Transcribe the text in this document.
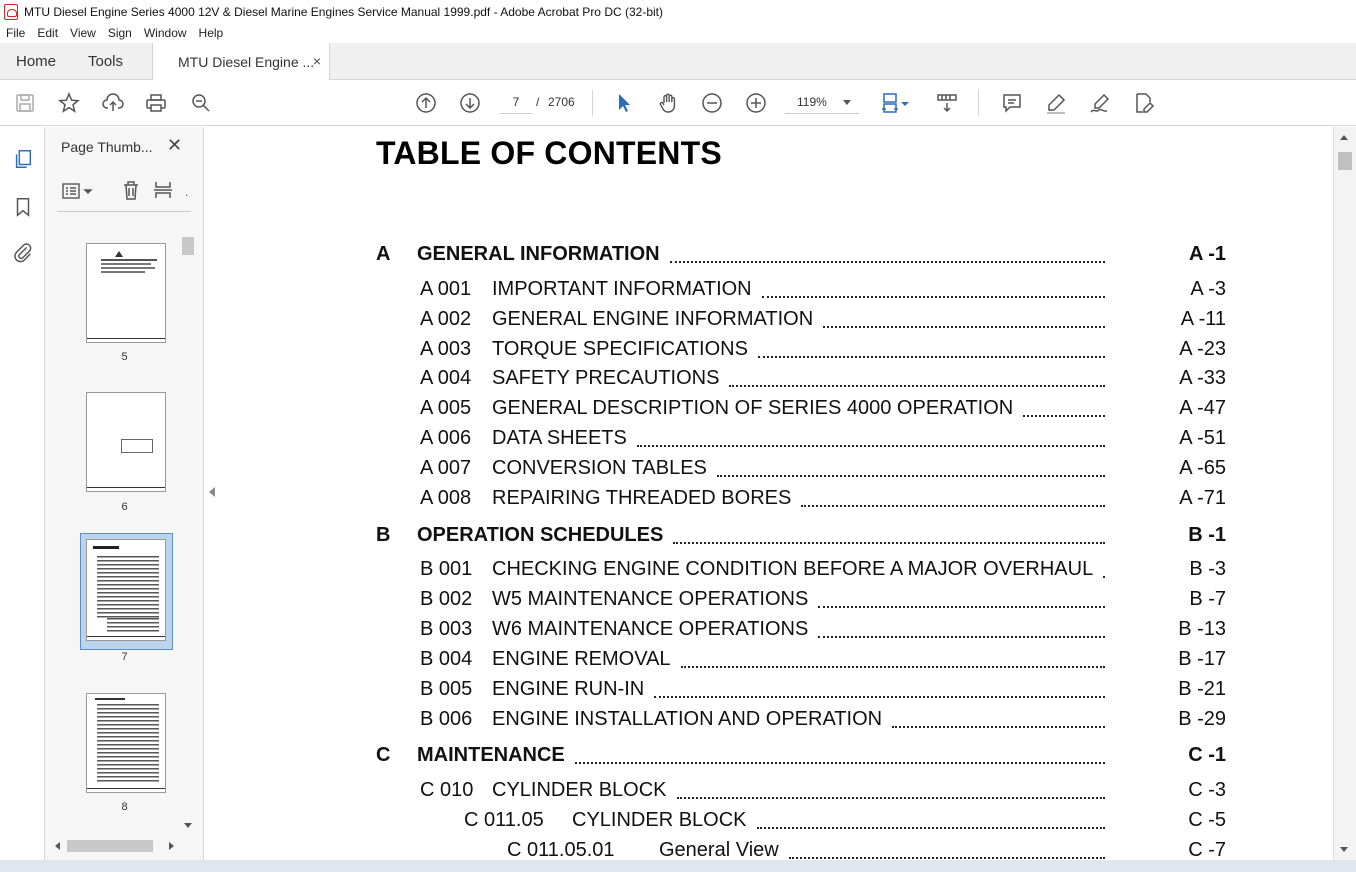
MTU Diesel Engine Series 4000 12V & Diesel Marine Engines Service Manual 1999.pdf - Adobe Acrobat Pro DC (32-bit)
File	Edit	View	Sign	Window	Help
Home Tools	MTU Diesel Engine ...
×
7	/ 2706	119%
Page Thumb... ✕
.
5
6
7
8
TABLE OF CONTENTS
A GENERAL INFORMATION	A -1
A 001 IMPORTANT INFORMATION	A -3
A 002 GENERAL ENGINE INFORMATION	A -11
A 003 TORQUE SPECIFICATIONS	A -23
A 004 SAFETY PRECAUTIONS	A -33
A 005 GENERAL DESCRIPTION OF SERIES 4000 OPERATION	A -47
A 006 DATA SHEETS	A -51
A 007 CONVERSION TABLES	A -65
A 008 REPAIRING THREADED BORES	A -71
B OPERATION SCHEDULES	B -1
B 001 CHECKING ENGINE CONDITION BEFORE A MAJOR OVERHAUL	B -3
B 002 W5 MAINTENANCE OPERATIONS	B -7
B 003 W6 MAINTENANCE OPERATIONS	B -13
B 004 ENGINE REMOVAL	B -17
B 005 ENGINE RUN-IN	B -21
B 006 ENGINE INSTALLATION AND OPERATION	B -29
C MAINTENANCE	C -1
C 010 CYLINDER BLOCK	C -3
C 011.05 CYLINDER BLOCK	C -5
C 011.05.01 General View	C -7
